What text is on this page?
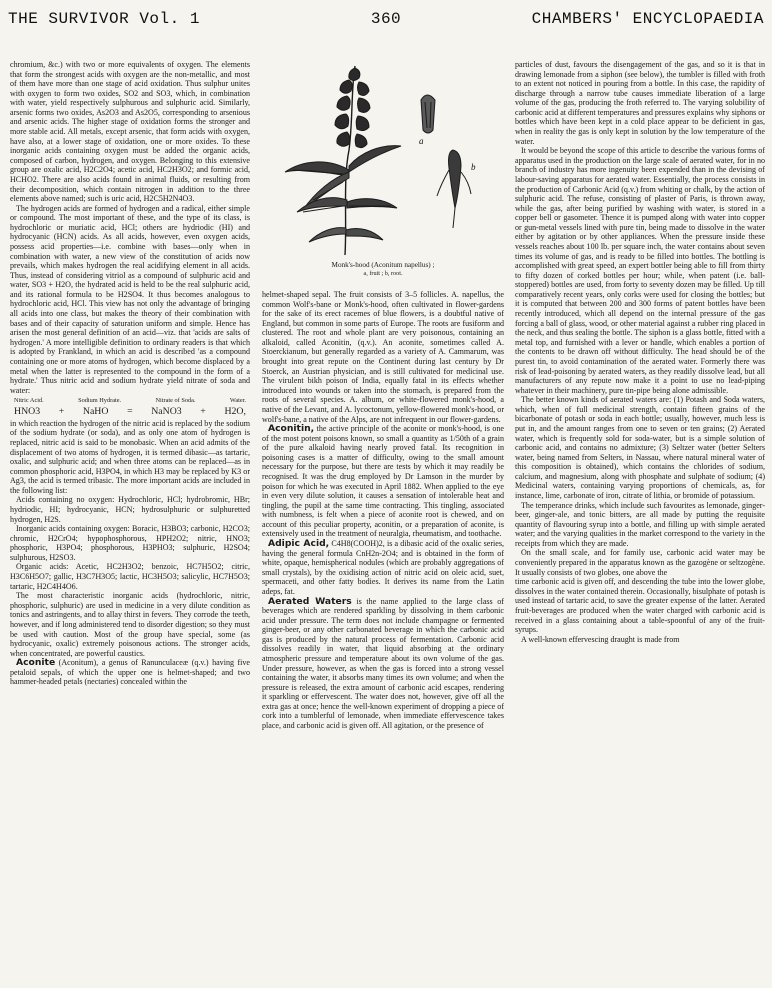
THE SURVIVOR Vol. 1	360	CHAMBERS' ENCYCLOPAEDIA

chromium, &c.) with two or more equivalents of oxygen. The elements that form the strongest acids with oxygen are the non-metallic, and most of them have more than one stage of acid oxidation. Thus sulphur unites with oxygen to form two oxides, SO2 and SO3, which, in combination with water, yield respectively sulphurous and sulphuric acid. Similarly, arsenic forms two oxides, As2O3 and As2O5, corresponding to arsenious and arsenic acids. The higher stage of oxidation forms the stronger and more stable acid. All metals, except arsenic, that form acids with oxygen, have also, at a lower stage of oxidation, one or more oxides. To these inorganic acids containing oxygen must be added the organic acids, composed of carbon, hydrogen, and oxygen. Belonging to this extensive group are oxalic acid, H2C2O4; acetic acid, HC2H3O2; and formic acid, HCHO2. There are also acids found in animal fluids, or resulting from their decomposition, which contain nitrogen in addition to the three elements above named; such is uric acid, H2C5H2N4O3.

The hydrogen acids are formed of hydrogen and a radical, either simple or compound. The most important of these, and the type of its class, is hydrochloric or muriatic acid, HCl; others are hydriodic (HI) and hydrocyanic (HCN) acids. As all acids, however, even oxygen acids, possess acid properties—i.e. combine with bases—only when in combination with water, a new view of the constitution of acids now prevails, which makes hydrogen the real acidifying element in all acids. Thus, instead of considering vitriol as a compound of sulphuric acid and water, SO3 + H2O, the hydrated acid is held to be the real sulphuric acid, and its rational formula to be H2SO4. It thus becomes analogous to hydrochloric acid, HCl. This view has not only the advantage of bringing all acids into one class, but makes the theory of their combination with bases and of their capacity of saturation uniform and simple. Hence has arisen the most general definition of an acid—viz. that 'acids are salts of hydrogen.' A more intelligible definition to ordinary readers is that which is adopted by Frankland, in which an acid is described 'as a compound containing one or more atoms of hydrogen, which become displaced by a metal when the latter is represented to the compound in the form of a hydrate.' Thus nitric acid and sodium hydrate yield nitrate of soda and water:

Nitric Acid.	Sodium Hydrate.	Nitrate of Soda.	Water.
HNO3 + NaHO = NaNO3 + H2O,

in which reaction the hydrogen of the nitric acid is replaced by the sodium of the sodium hydrate (or soda), and as only one atom of hydrogen is replaced, nitric acid is said to be monobasic. When an acid admits of the displacement of two atoms of hydrogen, it is termed dibasic—as tartaric, oxalic, and sulphuric acid; and when three atoms can be replaced—as in common phosphoric acid, H3PO4, in which H3 may be replaced by K3 or Ag3, the acid is termed tribasic. The more important acids are included in the following list:

Acids containing no oxygen: Hydrochloric, HCl; hydrobromic, HBr; hydriodic, HI; hydrocyanic, HCN; hydrosulphuric or sulphuretted hydrogen, H2S.

Inorganic acids containing oxygen: Boracic, H3BO3; carbonic, H2CO3; chromic, H2CrO4; hypophosphorous, HPH2O2; nitric, HNO3; phosphoric, H3PO4; phosphorous, H3PHO3; sulphuric, H2SO4; sulphurous, H2SO3.

Organic acids: Acetic, HC2H3O2; benzoic, HC7H5O2; citric, H3C6H5O7; gallic, H3C7H3O5; lactic, HC3H5O3; salicylic, HC7H5O3; tartaric, H2C4H4O6.

The most characteristic inorganic acids (hydrochloric, nitric, phosphoric, sulphuric) are used in medicine in a very dilute condition as tonics and astringents, and to allay thirst in fevers. They corrode the teeth, however, and if long administered tend to disorder digestion; so they must be used with caution. Most of the group have special, some (as hydrocyanic, oxalic) extremely poisonous actions. The stronger acids, when concentrated, are powerful caustics.

Aconite (Aconitum), a genus of Ranunculaceæ (q.v.) having five petaloid sepals, of which the upper one is helmet-shaped; and two hammer-headed petals (nectaries) concealed within the

a
b
Monk's-hood (Aconitum napellus) ;
a, fruit ; b, root.

helmet-shaped sepal. The fruit consists of 3–5 follicles. A. napellus, the common Wolf's-bane or Monk's-hood, often cultivated in flower-gardens for the sake of its erect racemes of blue flowers, is a doubtful native of England, but common in some parts of Europe. The roots are fusiform and clustered. The root and whole plant are very poisonous, containing an alkaloid, called Aconitin, (q.v.). An aconite, sometimes called A. Stoerckianum, but generally regarded as a variety of A. Cammarum, was brought into great repute on the Continent during last century by Dr Stoerck, an Austrian physician, and is still cultivated for medicinal use. The virulent bikh poison of India, equally fatal in its effects whether introduced into wounds or taken into the stomach, is prepared from the roots of several species. A. album, or white-flowered monk's-hood, a native of the Levant, and A. lycoctonum, yellow-flowered monk's-hood, or wolf's-bane, a native of the Alps, are not infrequent in our flower-gardens.

Aconitin, the active principle of the aconite or monk's-hood, is one of the most potent poisons known, so small a quantity as 1/50th of a grain of the pure alkaloid having nearly proved fatal. Its recognition in poisoning cases is a matter of difficulty, owing to the small amount necessary for the purpose, but there are tests by which it may readily be recognised. It was the drug employed by Dr Lamson in the murder by poison for which he was executed in April 1882. When applied to the eye in even very dilute solution, it causes a sensation of intolerable heat and tingling, the pupil at the same time contracting. This tingling, associated with numbness, is felt when a piece of aconite root is chewed, and on account of this peculiar property, aconitin, or a preparation of aconite, is extensively used in the treatment of neuralgia, rheumatism, and toothache.

Adipic Acid, C4H8(COOH)2, is a dibasic acid of the oxalic series, having the general formula CnH2n-2O4; and is obtained in the form of white, opaque, hemispherical nodules (which are probably aggregations of small crystals), by the oxidising action of nitric acid on oleic acid, suet, spermaceti, and other fatty bodies. It derives its name from the Latin adeps, fat.

Aerated Waters is the name applied to the large class of beverages which are rendered sparkling by dissolving in them carbonic acid under pressure. The term does not include champagne or fermented ginger-beer, or any other carbonated beverage in which the carbonic acid gas is produced by the natural process of fermentation. Carbonic acid dissolves readily in water, that liquid absorbing at the ordinary atmospheric pressure and temperature about its own volume of the gas. Under pressure, however, as when the gas is forced into a strong vessel containing the water, it absorbs many times its own volume; and when the pressure is released, the extra amount of carbonic acid escapes, rendering it sparkling or effervescent. The water does not, however, give off all the extra gas at once; hence the well-known experiment of dropping a piece of cork into a tumblerful of lemonade, when immediate effervescence takes place, and carbonic acid is given off. All agitation, or the presence of

particles of dust, favours the disengagement of the gas, and so it is that in drawing lemonade from a siphon (see below), the tumbler is filled with froth to an extent not noticed in pouring from a bottle. In this case, the rapidity of discharge through a narrow tube causes immediate liberation of a large volume of the gas, producing the froth referred to. The varying solubility of carbonic acid at different temperatures and pressures explains why siphons or bottles which have been kept in a cold place appear to be deficient in gas, when in reality the gas is only kept in solution by the low temperature of the water.

It would be beyond the scope of this article to describe the various forms of apparatus used in the production on the large scale of aerated water, for in no branch of industry has more ingenuity been expended than in the devising of labour-saving apparatus for aerated water. Essentially, the process consists in the production of Carbonic Acid (q.v.) from whiting or chalk, by the action of sulphuric acid. The refuse, consisting of plaster of Paris, is thrown away, while the gas, after being purified by washing with water, is stored in a copper bell or gasometer. Thence it is pumped along with water into copper or gun-metal vessels lined with pure tin, being made to dissolve in the water either by agitation or by other appliances. When the pressure inside these vessels reaches about 100 lb. per square inch, the water contains about seven times its volume of gas, and is ready to be filled into bottles. The bottling is accomplished with great speed, an expert bottler being able to fill from thirty to fifty dozen of corked bottles per hour; while, when patent (i.e. ball-stoppered) bottles are used, from forty to seventy dozen may be filled. Up till comparatively recent years, only corks were used for closing the bottles; but it is computed that between 200 and 300 forms of patent bottles have been recently introduced, which all depend on the internal pressure of the gas forcing a ball of glass, wood, or other material against a rubber ring placed in the neck, and thus sealing the bottle. The siphon is a glass bottle, fitted with a metal top, and furnished with a lever or handle, which enables a portion of the contents to be drawn off without difficulty. The head should be of the purest tin, to avoid contamination of the aerated water. Formerly there was risk of lead-poisoning by aerated waters, as they readily dissolve lead, but all manufacturers of any repute now make it a point to use no lead-piping whatever in their machinery, pure tin-pipe being alone admissible.

The better known kinds of aerated waters are: (1) Potash and Soda waters, which, when of full medicinal strength, contain fifteen grains of the bicarbonate of potash or soda in each bottle; usually, however, much less is put in, and the amount ranges from one to seven or ten grains; (2) Aerated water, which is frequently sold for soda-water, but is a simple solution of carbonic acid, and contains no admixture; (3) Seltzer water (better Selters water, being named from Selters, in Nassau, where natural mineral water of this composition is obtained), which contains the chlorides of sodium, calcium, and magnesium, along with phosphate and sulphate of sodium; (4) Medicinal waters, containing varying proportions of chemicals, as, for instance, lime, carbonate of iron, citrate of lithia, or bromide of potassium.

The temperance drinks, which include such favourites as lemonade, ginger-beer, ginger-ale, and tonic bitters, are all made by putting the requisite quantity of flavouring syrup into a bottle, and filling up with simple aerated water; and the varying qualities in the market correspond to the variety in the receipts from which they are made.

On the small scale, and for family use, carbonic acid water may be conveniently prepared in the apparatus known as the gazogène or seltzogène. It usually consists of two globes, one above the

time carbonic acid is given off, and descending the tube into the lower globe, dissolves in the water contained therein. Occasionally, bisulphate of potash is used instead of tartaric acid, to save the greater expense of the latter. Aerated fruit-beverages are produced when the water charged with carbonic acid is received in a glass containing about a table-spoonful of any of the fruit-syrups.

A well-known effervescing draught is made from
